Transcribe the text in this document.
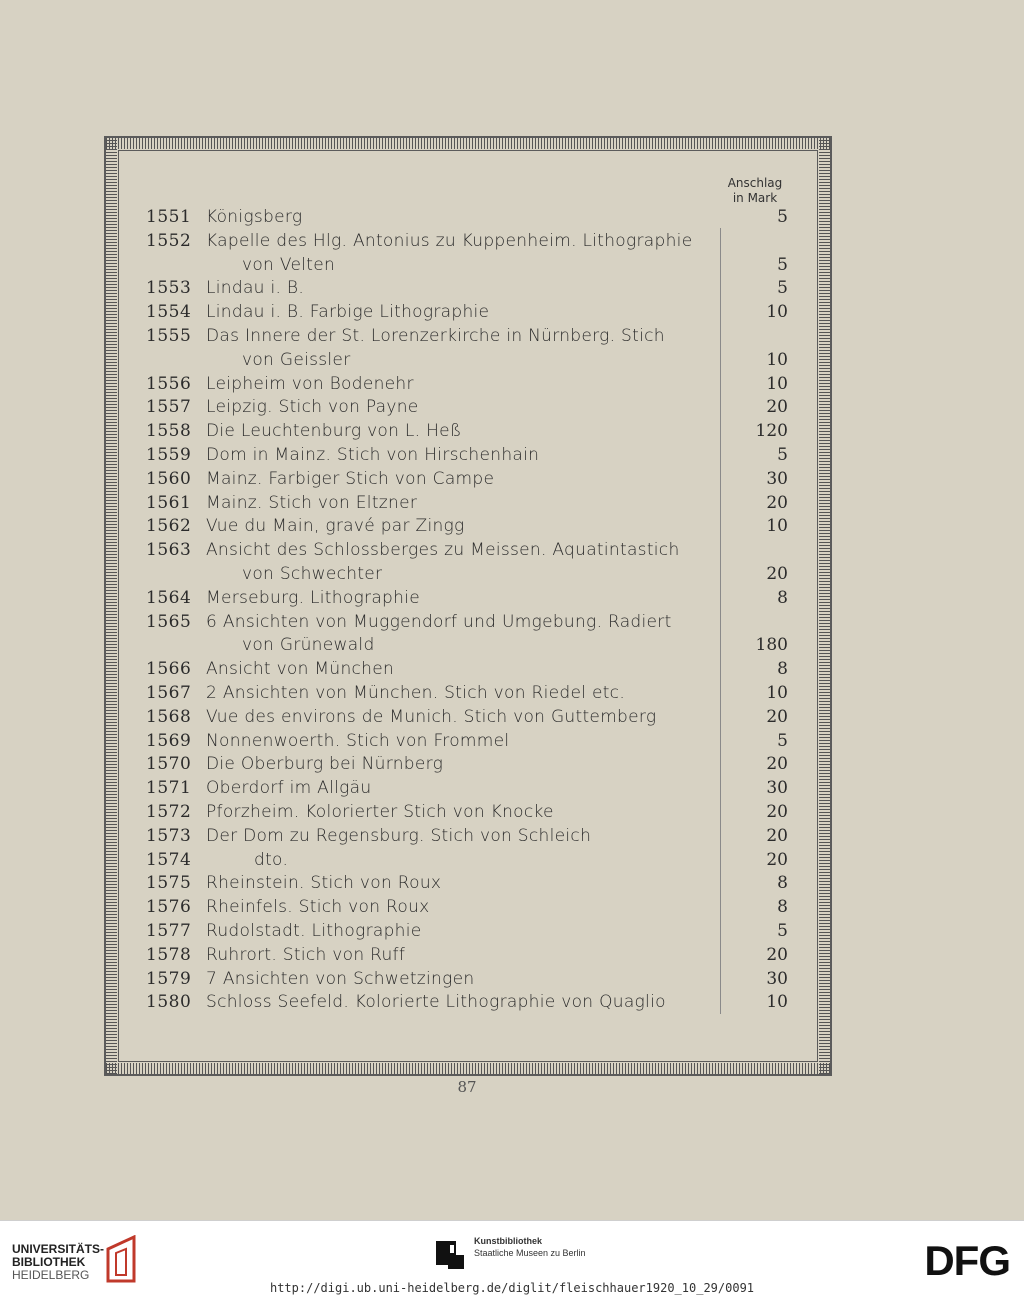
Anschlag
in Mark
1551 Königsberg	5
1552 Kapelle des Hlg. Antonius zu Kuppenheim. Lithographie
von Velten	5
1553 Lindau i. B.	5
1554 Lindau i. B. Farbige Lithographie	10
1555 Das Innere der St. Lorenzerkirche in Nürnberg. Stich
von Geissler	10
1556 Leipheim von Bodenehr	10
1557 Leipzig. Stich von Payne	20
1558 Die Leuchtenburg von L. Heß	120
1559 Dom in Mainz. Stich von Hirschenhain	5
1560 Mainz. Farbiger Stich von Campe	30
1561 Mainz. Stich von Eltzner	20
1562 Vue du Main, gravé par Zingg	10
1563 Ansicht des Schlossberges zu Meissen. Aquatintastich
von Schwechter	20
1564 Merseburg. Lithographie	8
1565 6 Ansichten von Muggendorf und Umgebung. Radiert
von Grünewald	180
1566 Ansicht von München	8
1567 2 Ansichten von München. Stich von Riedel etc.	10
1568 Vue des environs de Munich. Stich von Guttemberg	20
1569 Nonnenwoerth. Stich von Frommel	5
1570 Die Oberburg bei Nürnberg	20
1571 Oberdorf im Allgäu	30
1572 Pforzheim. Kolorierter Stich von Knocke	20
1573 Der Dom zu Regensburg. Stich von Schleich	20
1574	dto.	20
1575 Rheinstein. Stich von Roux	8
1576 Rheinfels. Stich von Roux	8
1577 Rudolstadt. Lithographie	5
1578 Ruhrort. Stich von Ruff	20
1579 7 Ansichten von Schwetzingen	30
1580 Schloss Seefeld. Kolorierte Lithographie von Quaglio	10
87
UNIVERSITÄTS-
BIBLIOTHEK
HEIDELBERG
Kunstbibliothek
Staatliche Museen zu Berlin	DFG
http://digi.ub.uni-heidelberg.de/diglit/fleischhauer1920_10_29/0091
